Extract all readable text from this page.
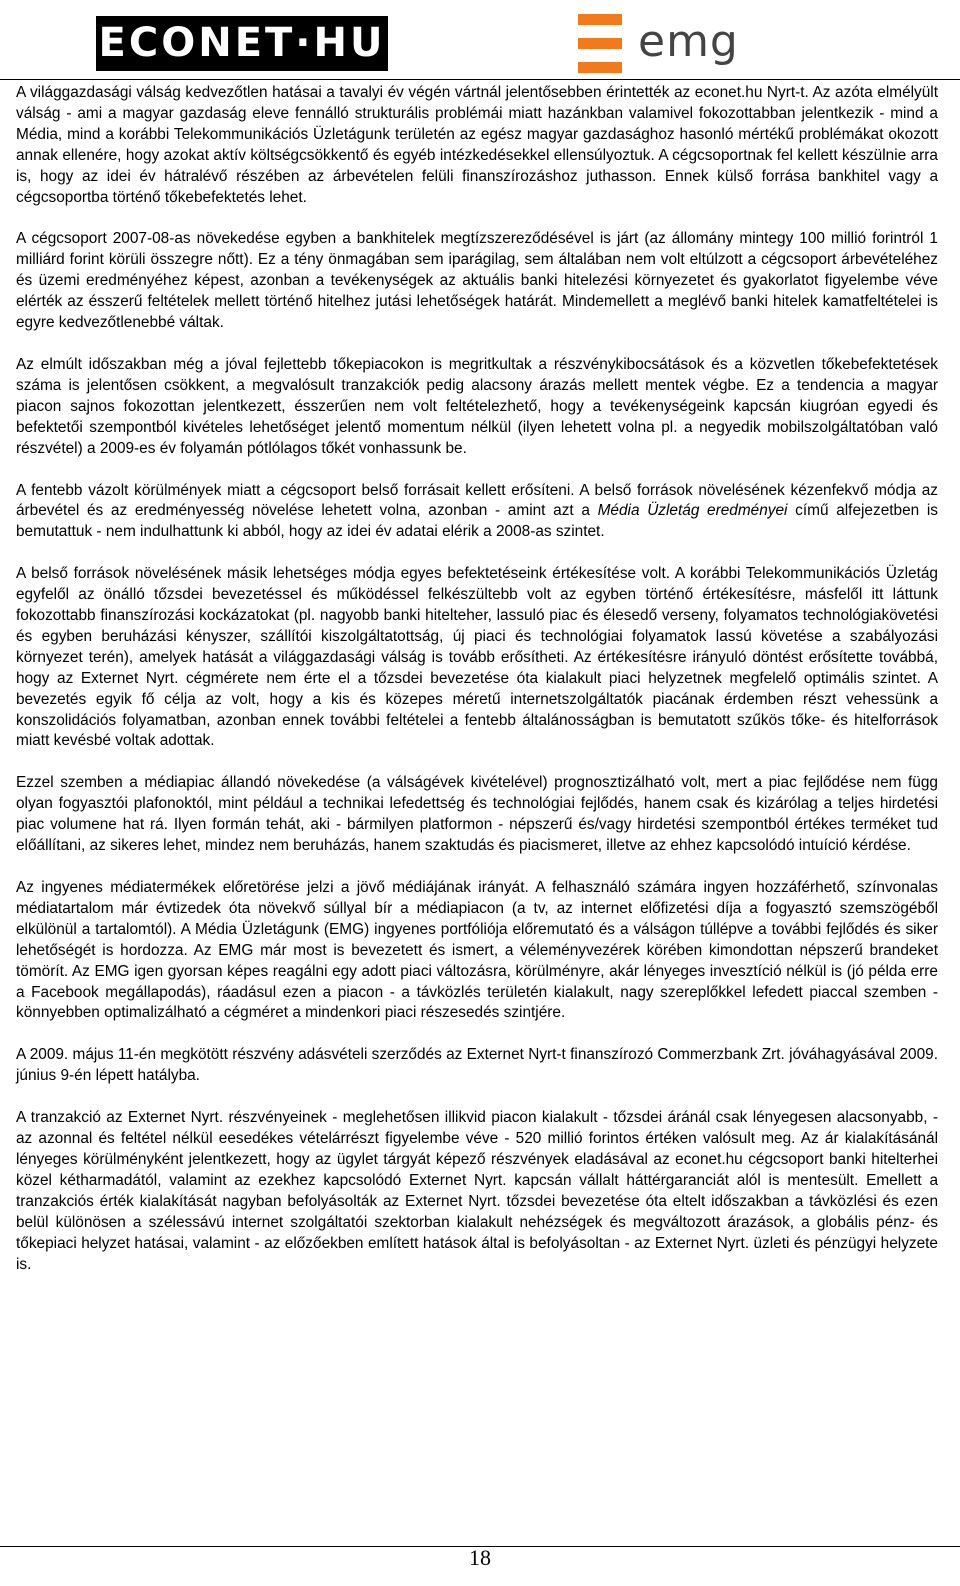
ECONET·HU	emg

A világgazdasági válság kedvezőtlen hatásai a tavalyi év végén vártnál jelentősebben érintették az econet.hu Nyrt-t. Az azóta elmélyült válság - ami a magyar gazdaság eleve fennálló strukturális problémái miatt hazánkban valamivel fokozottabban jelentkezik - mind a Média, mind a korábbi Telekommunikációs Üzletágunk területén az egész magyar gazdasághoz hasonló mértékű problémákat okozott annak ellenére, hogy azokat aktív költségcsökkentő és egyéb intézkedésekkel ellensúlyoztuk. A cégcsoportnak fel kellett készülnie arra is, hogy az idei év hátralévő részében az árbevételen felüli finanszírozáshoz juthasson. Ennek külső forrása bankhitel vagy a cégcsoportba történő tőkebefektetés lehet.

A cégcsoport 2007-08-as növekedése egyben a bankhitelek megtízszereződésével is járt (az állomány mintegy 100 millió forintról 1 milliárd forint körüli összegre nőtt). Ez a tény önmagában sem iparágilag, sem általában nem volt eltúlzott a cégcsoport árbevételéhez és üzemi eredményéhez képest, azonban a tevékenységek az aktuális banki hitelezési környezetet és gyakorlatot figyelembe véve elérték az ésszerű feltételek mellett történő hitelhez jutási lehetőségek határát. Mindemellett a meglévő banki hitelek kamatfeltételei is egyre kedvezőtlenebbé váltak.

Az elmúlt időszakban még a jóval fejlettebb tőkepiacokon is megritkultak a részvénykibocsátások és a közvetlen tőkebefektetések száma is jelentősen csökkent, a megvalósult tranzakciók pedig alacsony árazás mellett mentek végbe. Ez a tendencia a magyar piacon sajnos fokozottan jelentkezett, ésszerűen nem volt feltételezhető, hogy a tevékenységeink kapcsán kiugróan egyedi és befektetői szempontból kivételes lehetőséget jelentő momentum nélkül (ilyen lehetett volna pl. a negyedik mobilszolgáltatóban való részvétel) a 2009-es év folyamán pótlólagos tőkét vonhassunk be.

A fentebb vázolt körülmények miatt a cégcsoport belső forrásait kellett erősíteni. A belső források növelésének kézenfekvő módja az árbevétel és az eredményesség növelése lehetett volna, azonban - amint azt a Média Üzletág eredményei című alfejezetben is bemutattuk - nem indulhattunk ki abból, hogy az idei év adatai elérik a 2008-as szintet.

A belső források növelésének másik lehetséges módja egyes befektetéseink értékesítése volt. A korábbi Telekommunikációs Üzletág egyfelől az önálló tőzsdei bevezetéssel és működéssel felkészültebb volt az egyben történő értékesítésre, másfelől itt láttunk fokozottabb finanszírozási kockázatokat (pl. nagyobb banki hitelteher, lassuló piac és élesedő verseny, folyamatos technológiakövetési és egyben beruházási kényszer, szállítói kiszolgáltatottság, új piaci és technológiai folyamatok lassú követése a szabályozási környezet terén), amelyek hatását a világgazdasági válság is tovább erősítheti. Az értékesítésre irányuló döntést erősítette továbbá, hogy az Externet Nyrt. cégmérete nem érte el a tőzsdei bevezetése óta kialakult piaci helyzetnek megfelelő optimális szintet. A bevezetés egyik fő célja az volt, hogy a kis és közepes méretű internetszolgáltatók piacának érdemben részt vehessünk a konszolidációs folyamatban, azonban ennek további feltételei a fentebb általánosságban is bemutatott szűkös tőke- és hitelforrások miatt kevésbé voltak adottak.

Ezzel szemben a médiapiac állandó növekedése (a válságévek kivételével) prognosztizálható volt, mert a piac fejlődése nem függ olyan fogyasztói plafonoktól, mint például a technikai lefedettség és technológiai fejlődés, hanem csak és kizárólag a teljes hirdetési piac volumene hat rá. Ilyen formán tehát, aki - bármilyen platformon - népszerű és/vagy hirdetési szempontból értékes terméket tud előállítani, az sikeres lehet, mindez nem beruházás, hanem szaktudás és piacismeret, illetve az ehhez kapcsolódó intuíció kérdése.

Az ingyenes médiatermékek előretörése jelzi a jövő médiájának irányát. A felhasználó számára ingyen hozzáférhető, színvonalas médiatartalom már évtizedek óta növekvő súllyal bír a médiapiacon (a tv, az internet előfizetési díja a fogyasztó szemszögéből elkülönül a tartalomtól). A Média Üzletágunk (EMG) ingyenes portfóliója előremutató és a válságon túllépve a további fejlődés és siker lehetőségét is hordozza. Az EMG már most is bevezetett és ismert, a véleményvezérek körében kimondottan népszerű brandeket tömörít. Az EMG igen gyorsan képes reagálni egy adott piaci változásra, körülményre, akár lényeges invesztíció nélkül is (jó példa erre a Facebook megállapodás), ráadásul ezen a piacon - a távközlés területén kialakult, nagy szereplőkkel lefedett piaccal szemben - könnyebben optimalizálható a cégméret a mindenkori piaci részesedés szintjére.

A 2009. május 11-én megkötött részvény adásvételi szerződés az Externet Nyrt-t finanszírozó Commerzbank Zrt. jóváhagyásával 2009. június 9-én lépett hatályba.

A tranzakció az Externet Nyrt. részvényeinek - meglehetősen illikvid piacon kialakult - tőzsdei áránál csak lényegesen alacsonyabb, - az azonnal és feltétel nélkül eesedékes vételárrészt figyelembe véve - 520 millió forintos értéken valósult meg. Az ár kialakításánál lényeges körülményként jelentkezett, hogy az ügylet tárgyát képező részvények eladásával az econet.hu cégcsoport banki hitelterhei közel kétharmadától, valamint az ezekhez kapcsolódó Externet Nyrt. kapcsán vállalt háttérgaranciát alól is mentesült. Emellett a tranzakciós érték kialakítását nagyban befolyásolták az Externet Nyrt. tőzsdei bevezetése óta eltelt időszakban a távközlési és ezen belül különösen a szélessávú internet szolgáltatói szektorban kialakult nehézségek és megváltozott árazások, a globális pénz- és tőkepiaci helyzet hatásai, valamint - az előzőekben említett hatások által is befolyásoltan - az Externet Nyrt. üzleti és pénzügyi helyzete is.

18
